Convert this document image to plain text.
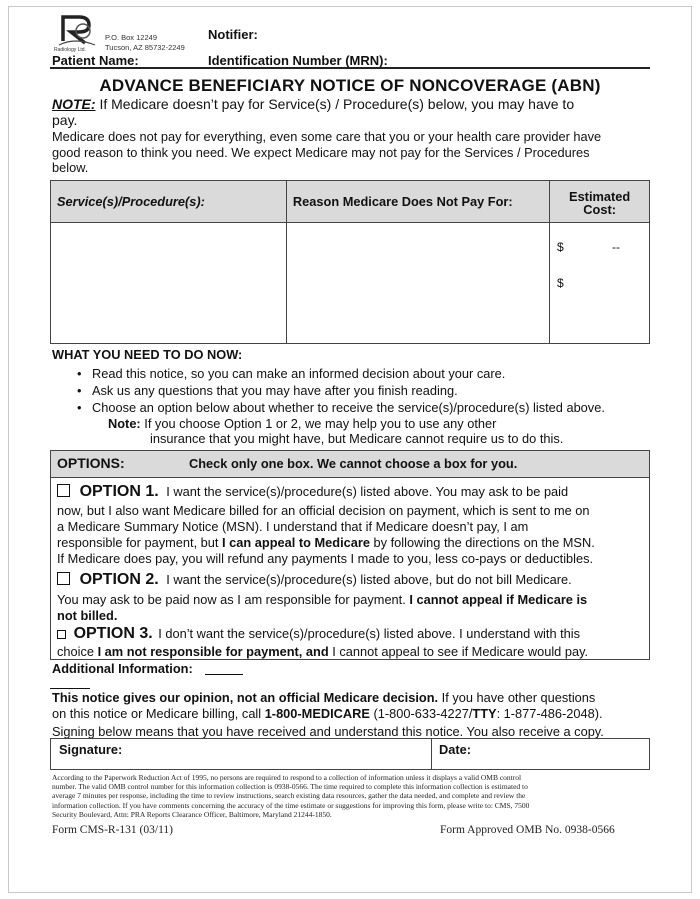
Radiology Ltd.
P.O. Box 12249
Tucson, AZ 85732-2249
Notifier:
Patient Name:	Identification Number (MRN):
ADVANCE BENEFICIARY NOTICE OF NONCOVERAGE (ABN)
NOTE: If Medicare doesn’t pay for Service(s) / Procedure(s) below, you may have to
pay.
Medicare does not pay for everything, even some care that you or your health care provider have
good reason to think you need. We expect Medicare may not pay for the Services / Procedures
below.
Service(s)/Procedure(s):	Reason Medicare Does Not Pay For:	Estimated
Cost:

$	--
$
WHAT YOU NEED TO DO NOW:
• Read this notice, so you can make an informed decision about your care.
• Ask us any questions that you may have after you finish reading.
• Choose an option below about whether to receive the service(s)/procedure(s) listed above.
Note: If you choose Option 1 or 2, we may help you to use any other
insurance that you might have, but Medicare cannot require us to do this.
OPTIONS:	Check only one box. We cannot choose a box for you.
OPTION 1. I want the service(s)/procedure(s) listed above. You may ask to be paid
now, but I also want Medicare billed for an official decision on payment, which is sent to me on
a Medicare Summary Notice (MSN). I understand that if Medicare doesn’t pay, I am
responsible for payment, but I can appeal to Medicare by following the directions on the MSN.
If Medicare does pay, you will refund any payments I made to you, less co-pays or deductibles.
OPTION 2. I want the service(s)/procedure(s) listed above, but do not bill Medicare.
You may ask to be paid now as I am responsible for payment. I cannot appeal if Medicare is
not billed.
OPTION 3. I don’t want the service(s)/procedure(s) listed above. I understand with this
choice I am not responsible for payment, and I cannot appeal to see if Medicare would pay.
Additional Information:
This notice gives our opinion, not an official Medicare decision. If you have other questions
on this notice or Medicare billing, call 1-800-MEDICARE (1-800-633-4227/TTY: 1-877-486-2048).
Signing below means that you have received and understand this notice. You also receive a copy.
Signature:	Date:
According to the Paperwork Reduction Act of 1995, no persons are required to respond to a collection of information unless it displays a valid OMB control
number. The valid OMB control number for this information collection is 0938-0566. The time required to complete this information collection is estimated to
average 7 minutes per response, including the time to review instructions, search existing data resources, gather the data needed, and complete and review the
information collection. If you have comments concerning the accuracy of the time estimate or suggestions for improving this form, please write to: CMS, 7500
Security Boulevard, Attn: PRA Reports Clearance Officer, Baltimore, Maryland 21244-1850.
Form CMS-R-131 (03/11)	Form Approved OMB No. 0938-0566
